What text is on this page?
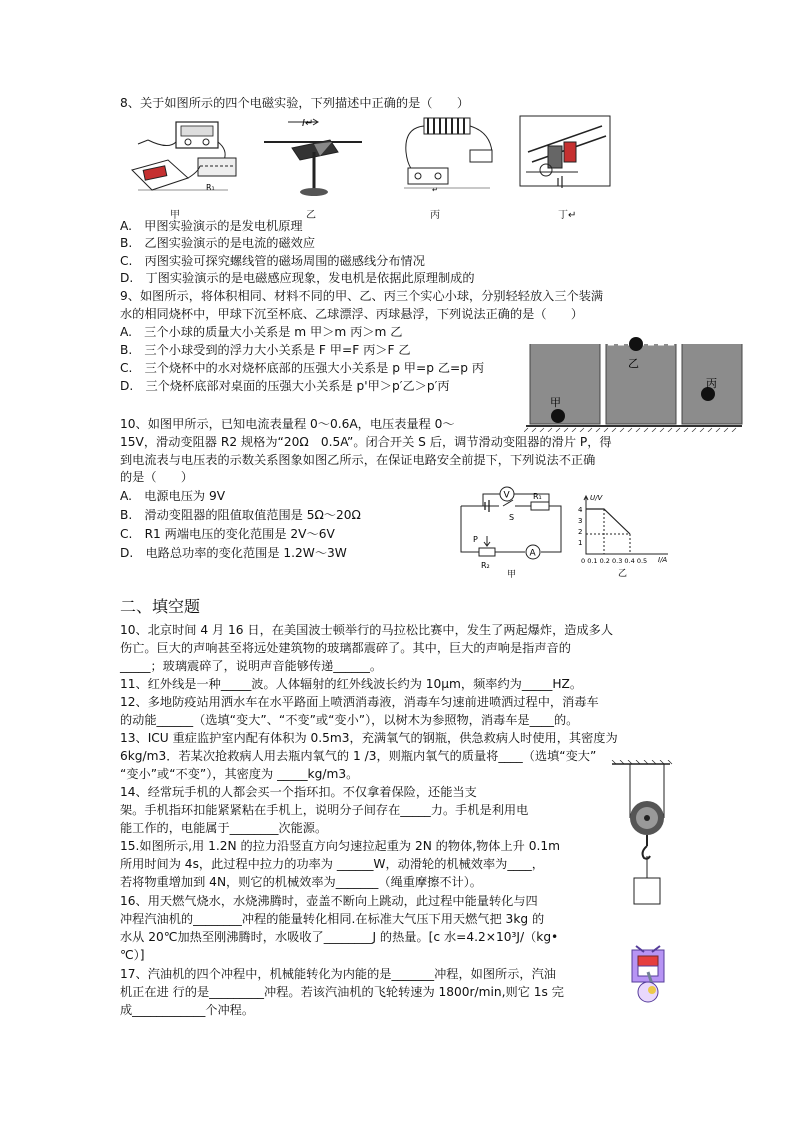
8、关于如图所示的四个电磁实验，下列描述中正确的是（　　）
R₁
甲
I↵
乙
↵
丙	丁↵
A.　甲图实验演示的是发电机原理
B.　乙图实验演示的是电流的磁效应
C.　丙图实验可探究螺线管的磁场周围的磁感线分布情况
D.　丁图实验演示的是电磁感应现象，发电机是依据此原理制成的
9、如图所示，将体积相同、材料不同的甲、乙、丙三个实心小球，分别轻轻放入三个装满
水的相同烧杯中，甲球下沉至杯底、乙球漂浮、丙球悬浮，下列说法正确的是（　　）
A.　三个小球的质量大小关系是 m 甲＞m 丙＞m 乙
B.　三个小球受到的浮力大小关系是 F 甲=F 丙＞F 乙
C.　三个烧杯中的水对烧杯底部的压强大小关系是 p 甲=p 乙=p 丙
D.　三个烧杯底部对桌面的压强大小关系是 p'甲＞p′乙＞p′丙
甲
乙
丙
10、如图甲所示，已知电流表量程 0～0.6A，电压表量程 0～
15V，滑动变阻器 R2 规格为“20Ω　0.5A”。闭合开关 S 后，调节滑动变阻器的滑片 P，得
到电流表与电压表的示数关系图象如图乙所示，在保证电路安全前提下，下列说法不正确
的是（　　）
A.　电源电压为 9V
B.　滑动变阻器的阻值取值范围是 5Ω～20Ω
C.　R1 两端电压的变化范围是 2V～6V
D.　电路总功率的变化范围是 1.2W～3W
V	R₁
S
P
R₂
A
甲
U/V
I/A
4
3
2
1
0 0.1 0.2 0.3 0.4 0.5
乙
二、填空题
10、北京时间 4 月 16 日，在美国波士顿举行的马拉松比赛中，发生了两起爆炸，造成多人
伤亡。巨大的声响甚至将远处建筑物的玻璃都震碎了。其中，巨大的声响是指声音的
_____；玻璃震碎了，说明声音能够传递______。
11、红外线是一种_____波。人体辐射的红外线波长约为 10μm，频率约为_____HZ。
12、多地防疫站用洒水车在水平路面上喷洒消毒液，消毒车匀速前进喷洒过程中，消毒车
的动能______（选填“变大”、“不变”或“变小”），以树木为参照物，消毒车是____的。
13、ICU 重症监护室内配有体积为 0.5m3，充满氧气的钢瓶，供急救病人时使用，其密度为
6kg/m3．若某次抢救病人用去瓶内氧气的 1 /3，则瓶内氧气的质量将____（选填“变大”
“变小”或“不变”），其密度为 _____kg/m3。
14、经常玩手机的人都会买一个指环扣。不仅拿着保险，还能当支
架。手机指环扣能紧紧粘在手机上，说明分子间存在_____力。手机是利用电
能工作的，电能属于________次能源。
15.如图所示,用 1.2N 的拉力沿竖直方向匀速拉起重为 2N 的物体,物体上升 0.1m
所用时间为 4s，此过程中拉力的功率为 ______W，动滑轮的机械效率为____，
若将物重增加到 4N，则它的机械效率为_______（绳重摩擦不计）。
16、用天燃气烧水，水烧沸腾时，壶盖不断向上跳动，此过程中能量转化与四
冲程汽油机的________冲程的能量转化相同.在标准大气压下用天燃气把 3kg 的
水从 20℃加热至刚沸腾时，水吸收了________J 的热量。[c 水=4.2×10³J/（kg•
℃）]
17、汽油机的四个冲程中，机械能转化为内能的是_______冲程，如图所示，汽油
机正在进 行的是_________冲程。若该汽油机的飞轮转速为 1800r/min,则它 1s 完
成____________个冲程。
